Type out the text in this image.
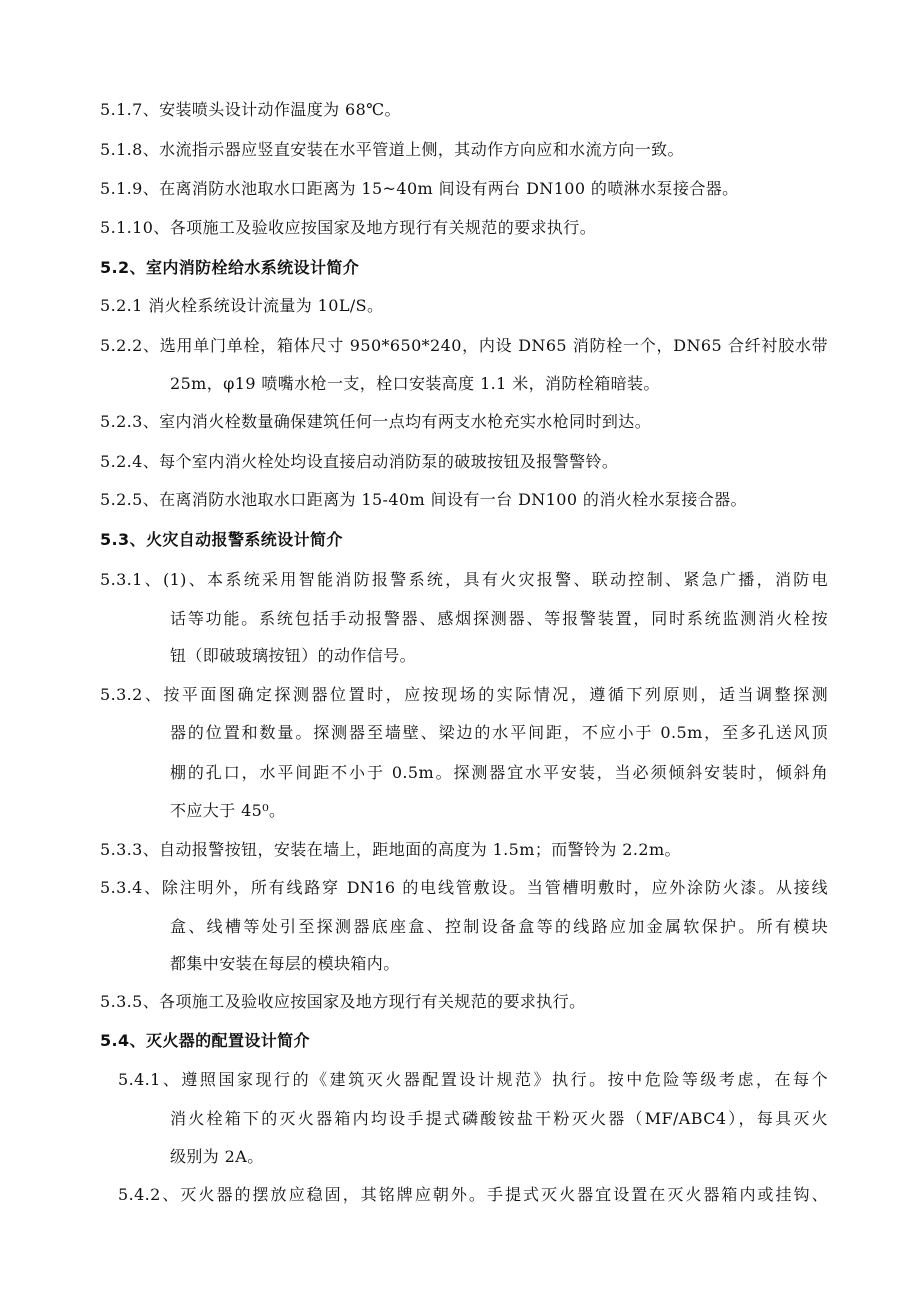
5.1.7、安装喷头设计动作温度为 68℃。
5.1.8、水流指示器应竖直安装在水平管道上侧，其动作方向应和水流方向一致。
5.1.9、在离消防水池取水口距离为 15~40m 间设有两台 DN100 的喷淋水泵接合器。
5.1.10、各项施工及验收应按国家及地方现行有关规范的要求执行。
5.2、室内消防栓给水系统设计简介
5.2.1 消火栓系统设计流量为 10L/S。
5.2.2、选用单门单栓，箱体尺寸 950*650*240，内设 DN65 消防栓一个，DN65 合纤衬胶水带
25m，φ19 喷嘴水枪一支，栓口安装高度 1.1 米，消防栓箱暗装。
5.2.3、室内消火栓数量确保建筑任何一点均有两支水枪充实水枪同时到达。
5.2.4、每个室内消火栓处均设直接启动消防泵的破玻按钮及报警警铃。
5.2.5、在离消防水池取水口距离为 15-40m 间设有一台 DN100 的消火栓水泵接合器。
5.3、火灾自动报警系统设计简介
5.3.1、(1)、本系统采用智能消防报警系统，具有火灾报警、联动控制、紧急广播，消防电
话等功能。系统包括手动报警器、感烟探测器、等报警装置，同时系统监测消火栓按
钮（即破玻璃按钮）的动作信号。
5.3.2、按平面图确定探测器位置时，应按现场的实际情况，遵循下列原则，适当调整探测
器的位置和数量。探测器至墙壁、梁边的水平间距，不应小于 0.5m，至多孔送风顶
棚的孔口，水平间距不小于 0.5m。探测器宜水平安装，当必须倾斜安装时，倾斜角
不应大于 45⁰。
5.3.3、自动报警按钮，安装在墙上，距地面的高度为 1.5m；而警铃为 2.2m。
5.3.4、除注明外，所有线路穿 DN16 的电线管敷设。当管槽明敷时，应外涂防火漆。从接线
盒、线槽等处引至探测器底座盒、控制设备盒等的线路应加金属软保护。所有模块
都集中安装在每层的模块箱内。
5.3.5、各项施工及验收应按国家及地方现行有关规范的要求执行。
5.4、灭火器的配置设计简介
5.4.1、遵照国家现行的《建筑灭火器配置设计规范》执行。按中危险等级考虑，在每个
消火栓箱下的灭火器箱内均设手提式磷酸铵盐干粉灭火器（MF/ABC4），每具灭火
级别为 2A。
5.4.2、灭火器的摆放应稳固，其铭牌应朝外。手提式灭火器宜设置在灭火器箱内或挂钩、
